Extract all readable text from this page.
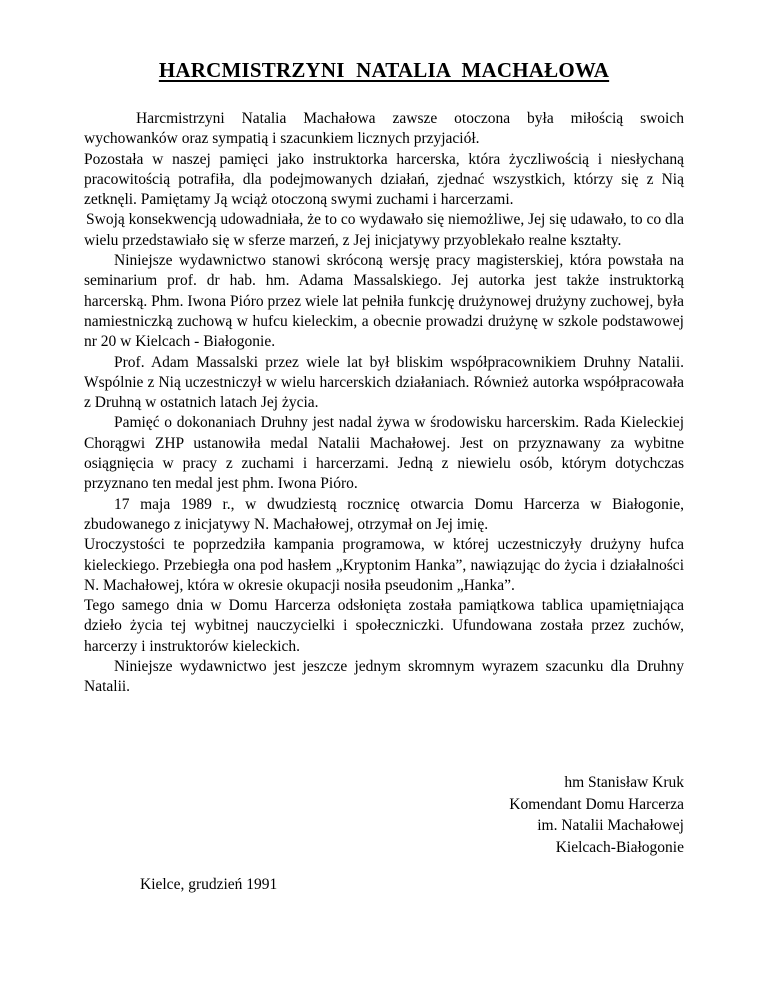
HARCMISTRZYNI NATALIA MACHAŁOWA

Harcmistrzyni Natalia Machałowa zawsze otoczona była miłością swoich wychowanków oraz sympatią i szacunkiem licznych przyjaciół.

Pozostała w naszej pamięci jako instruktorka harcerska, która życzliwością i niesłychaną pracowitością potrafiła, dla podejmowanych działań, zjednać wszystkich, którzy się z Nią zetknęli. Pamiętamy Ją wciąż otoczoną swymi zuchami i harcerzami.

Swoją konsekwencją udowadniała, że to co wydawało się niemożliwe, Jej się udawało, to co dla wielu przedstawiało się w sferze marzeń, z Jej inicjatywy przyoblekało realne kształty.

Niniejsze wydawnictwo stanowi skróconą wersję pracy magisterskiej, która powstała na seminarium prof. dr hab. hm. Adama Massalskiego. Jej autorka jest także instruktorką harcerską. Phm. Iwona Pióro przez wiele lat pełniła funkcję drużynowej drużyny zuchowej, była namiestniczką zuchową w hufcu kieleckim, a obecnie prowadzi drużynę w szkole podstawowej nr 20 w Kielcach - Białogonie.

Prof. Adam Massalski przez wiele lat był bliskim współpracownikiem Druhny Natalii. Wspólnie z Nią uczestniczył w wielu harcerskich działaniach. Również autorka współpracowała z Druhną w ostatnich latach Jej życia.

Pamięć o dokonaniach Druhny jest nadal żywa w środowisku harcerskim. Rada Kieleckiej Chorągwi ZHP ustanowiła medal Natalii Machałowej. Jest on przyznawany za wybitne osiągnięcia w pracy z zuchami i harcerzami. Jedną z niewielu osób, którym dotychczas przyznano ten medal jest phm. Iwona Pióro.

17 maja 1989 r., w dwudziestą rocznicę otwarcia Domu Harcerza w Białogonie, zbudowanego z inicjatywy N. Machałowej, otrzymał on Jej imię.

Uroczystości te poprzedziła kampania programowa, w której uczestniczyły drużyny hufca kieleckiego. Przebiegła ona pod hasłem „Kryptonim Hanka”, nawiązując do życia i działalności N. Machałowej, która w okresie okupacji nosiła pseudonim „Hanka”.

Tego samego dnia w Domu Harcerza odsłonięta została pamiątkowa tablica upamiętniająca dzieło życia tej wybitnej nauczycielki i społeczniczki. Ufundowana została przez zuchów, harcerzy i instruktorów kieleckich.

Niniejsze wydawnictwo jest jeszcze jednym skromnym wyrazem szacunku dla Druhny Natalii.

hm Stanisław Kruk
Komendant Domu Harcerza
im. Natalii Machałowej
Kielcach-Białogonie
Kielce, grudzień 1991
